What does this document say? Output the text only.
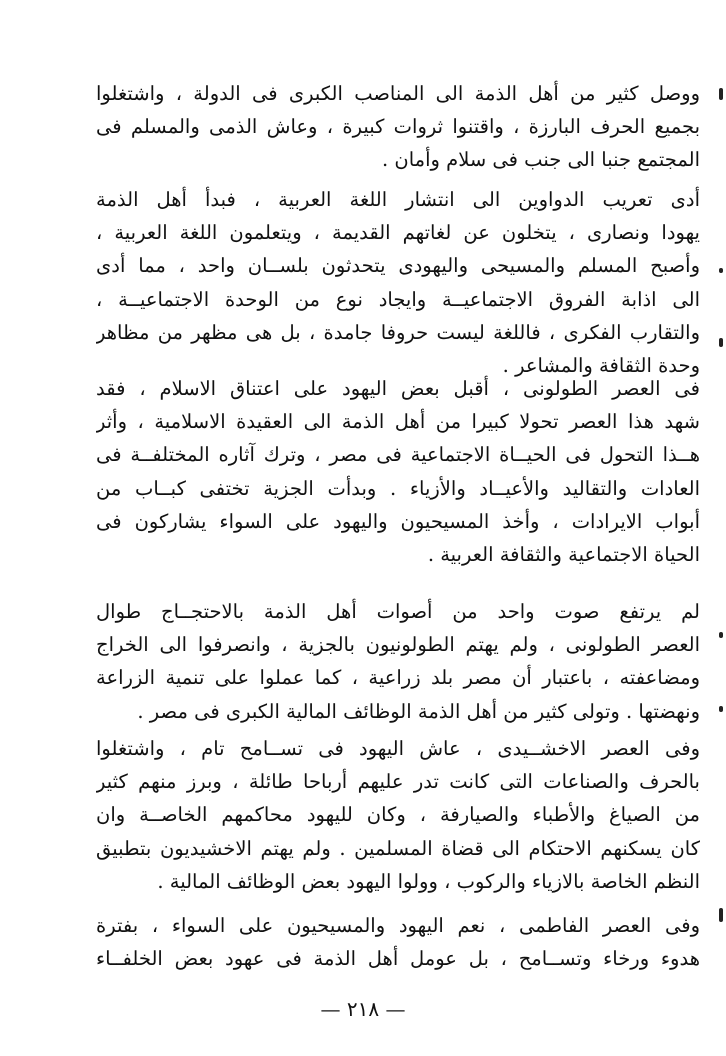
ووصل كثير من أهل الذمة الى المناصب الكبرى فى الدولة ، واشتغلوا
بجميع الحرف البارزة ، واقتنوا ثروات كبيرة ، وعاش الذمى والمسلم فى
المجتمع جنبا الى جنب فى سلام وأمان .
أدى تعريب الدواوين الى انتشار اللغة العربية ، فبدأ أهل الذمة
يهودا ونصارى ، يتخلون عن لغاتهم القديمة ، ويتعلمون اللغة العربية ،
وأصبح المسلم والمسيحى واليهودى يتحدثون بلســان واحد ، مما أدى
الى اذابة الفروق الاجتماعيــة وايجاد نوع من الوحدة الاجتماعيــة ،
والتقارب الفكرى ، فاللغة ليست حروفا جامدة ، بل هى مظهر من مظاهر
وحدة الثقافة والمشاعر .
فى العصر الطولونى ، أقبل بعض اليهود على اعتناق الاسلام ، فقد
شهد هذا العصر تحولا كبيرا من أهل الذمة الى العقيدة الاسلامية ، وأثر
هــذا التحول فى الحيــاة الاجتماعية فى مصر ، وترك آثاره المختلفــة فى
العادات والتقاليد والأعيــاد والأزياء . وبدأت الجزية تختفى كبــاب من
أبواب الايرادات ، وأخذ المسيحيون واليهود على السواء يشاركون فى
الحياة الاجتماعية والثقافة العربية .
لم يرتفع صوت واحد من أصوات أهل الذمة بالاحتجــاج طوال
العصر الطولونى ، ولم يهتم الطولونيون بالجزية ، وانصرفوا الى الخراج
ومضاعفته ، باعتبار أن مصر بلد زراعية ، كما عملوا على تنمية الزراعة
ونهضتها . وتولى كثير من أهل الذمة الوظائف المالية الكبرى فى مصر .
وفى العصر الاخشــيدى ، عاش اليهود فى تســامح تام ، واشتغلوا
بالحرف والصناعات التى كانت تدر عليهم أرباحا طائلة ، وبرز منهم كثير
من الصياغ والأطباء والصيارفة ، وكان لليهود محاكمهم الخاصــة وان
كان يسكنهم الاحتكام الى قضاة المسلمين . ولم يهتم الاخشيديون بتطبيق
النظم الخاصة بالازياء والركوب ، وولوا اليهود بعض الوظائف المالية .
وفى العصر الفاطمى ، نعم اليهود والمسيحيون على السواء ، بفترة
هدوء ورخاء وتســامح ، بل عومل أهل الذمة فى عهود بعض الخلفــاء
— ٢١٨ —
